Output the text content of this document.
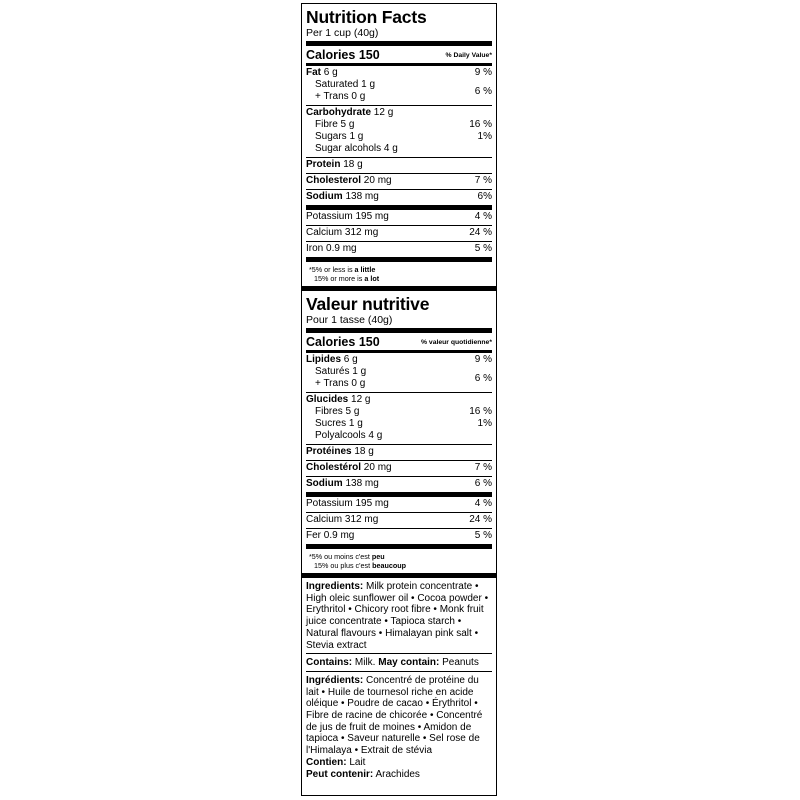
Nutrition Facts
Per 1 cup (40g)
Calories 150	% Daily Value*
Fat 6 g	9 %
Saturated 1 g
+ Trans 0 g	6 %
Carbohydrate 12 g
Fibre 5 g	16 %
Sugars 1 g	1%
Sugar alcohols 4 g
Protein 18 g
Cholesterol 20 mg	7 %
Sodium 138 mg	6%
Potassium 195 mg	4 %
Calcium 312 mg	24 %
Iron 0.9 mg	5 %
*5% or less is a little
15% or more is a lot
Valeur nutritive
Pour 1 tasse (40g)
Calories 150	% valeur quotidienne*
Lipides 6 g	9 %
Saturés 1 g
+ Trans 0 g	6 %
Glucides 12 g
Fibres 5 g	16 %
Sucres 1 g	1%
Polyalcools 4 g
Protéines 18 g
Cholestérol 20 mg	7 %
Sodium 138 mg	6 %
Potassium 195 mg	4 %
Calcium 312 mg	24 %
Fer 0.9 mg	5 %
*5% ou moins c'est peu
15% ou plus c'est beaucoup

Ingredients: Milk protein concentrate • High oleic sunflower oil • Cocoa powder • Erythritol • Chicory root fibre • Monk fruit juice concentrate • Tapioca starch • Natural flavours • Himalayan pink salt • Stevia extract

Contains: Milk. May contain: Peanuts

Ingrédients: Concentré de protéine du lait • Huile de tournesol riche en acide oléique • Poudre de cacao • Érythritol • Fibre de racine de chicorée • Concentré de jus de fruit de moines • Amidon de tapioca • Saveur naturelle • Sel rose de l'Himalaya • Extrait de stévia

Contien: Lait

Peut contenir: Arachides
